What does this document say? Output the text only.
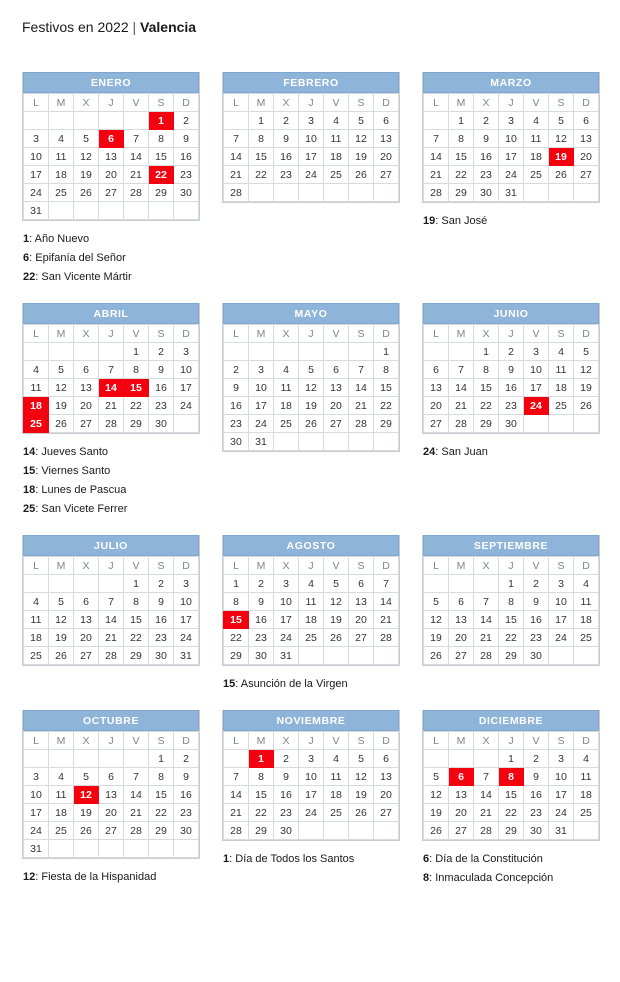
Festivos en 2022 | Valencia
ENERO
L	M	X	J	V	S	D
					1	2
3	4	5	6	7	8	9
10	11	12	13	14	15	16
17	18	19	20	21	22	23
24	25	26	27	28	29	30
31						
1: Año Nuevo
6: Epifanía del Señor
22: San Vicente Mártir
FEBRERO
L	M	X	J	V	S	D
	1	2	3	4	5	6
7	8	9	10	11	12	13
14	15	16	17	18	19	20
21	22	23	24	25	26	27
28						
MARZO
L	M	X	J	V	S	D
	1	2	3	4	5	6
7	8	9	10	11	12	13
14	15	16	17	18	19	20
21	22	23	24	25	26	27
28	29	30	31			
19: San José
ABRIL
L	M	X	J	V	S	D
				1	2	3
4	5	6	7	8	9	10
11	12	13	14	15	16	17
18	19	20	21	22	23	24
25	26	27	28	29	30	
14: Jueves Santo
15: Viernes Santo
18: Lunes de Pascua
25: San Vicete Ferrer
MAYO
L	M	X	J	V	S	D
						1
2	3	4	5	6	7	8
9	10	11	12	13	14	15
16	17	18	19	20	21	22
23	24	25	26	27	28	29
30	31					
JUNIO
L	M	X	J	V	S	D
		1	2	3	4	5
6	7	8	9	10	11	12
13	14	15	16	17	18	19
20	21	22	23	24	25	26
27	28	29	30			
24: San Juan
JULIO
L	M	X	J	V	S	D
				1	2	3
4	5	6	7	8	9	10
11	12	13	14	15	16	17
18	19	20	21	22	23	24
25	26	27	28	29	30	31
AGOSTO
L	M	X	J	V	S	D
1	2	3	4	5	6	7
8	9	10	11	12	13	14
15	16	17	18	19	20	21
22	23	24	25	26	27	28
29	30	31				
15: Asunción de la Virgen
SEPTIEMBRE
L	M	X	J	V	S	D
			1	2	3	4
5	6	7	8	9	10	11
12	13	14	15	16	17	18
19	20	21	22	23	24	25
26	27	28	29	30		
OCTUBRE
L	M	X	J	V	S	D
					1	2
3	4	5	6	7	8	9
10	11	12	13	14	15	16
17	18	19	20	21	22	23
24	25	26	27	28	29	30
31						
12: Fiesta de la Hispanidad
NOVIEMBRE
L	M	X	J	V	S	D
	1	2	3	4	5	6
7	8	9	10	11	12	13
14	15	16	17	18	19	20
21	22	23	24	25	26	27
28	29	30				
1: Día de Todos los Santos
DICIEMBRE
L	M	X	J	V	S	D
			1	2	3	4
5	6	7	8	9	10	11
12	13	14	15	16	17	18
19	20	21	22	23	24	25
26	27	28	29	30	31	
6: Día de la Constitución
8: Inmaculada Concepción
